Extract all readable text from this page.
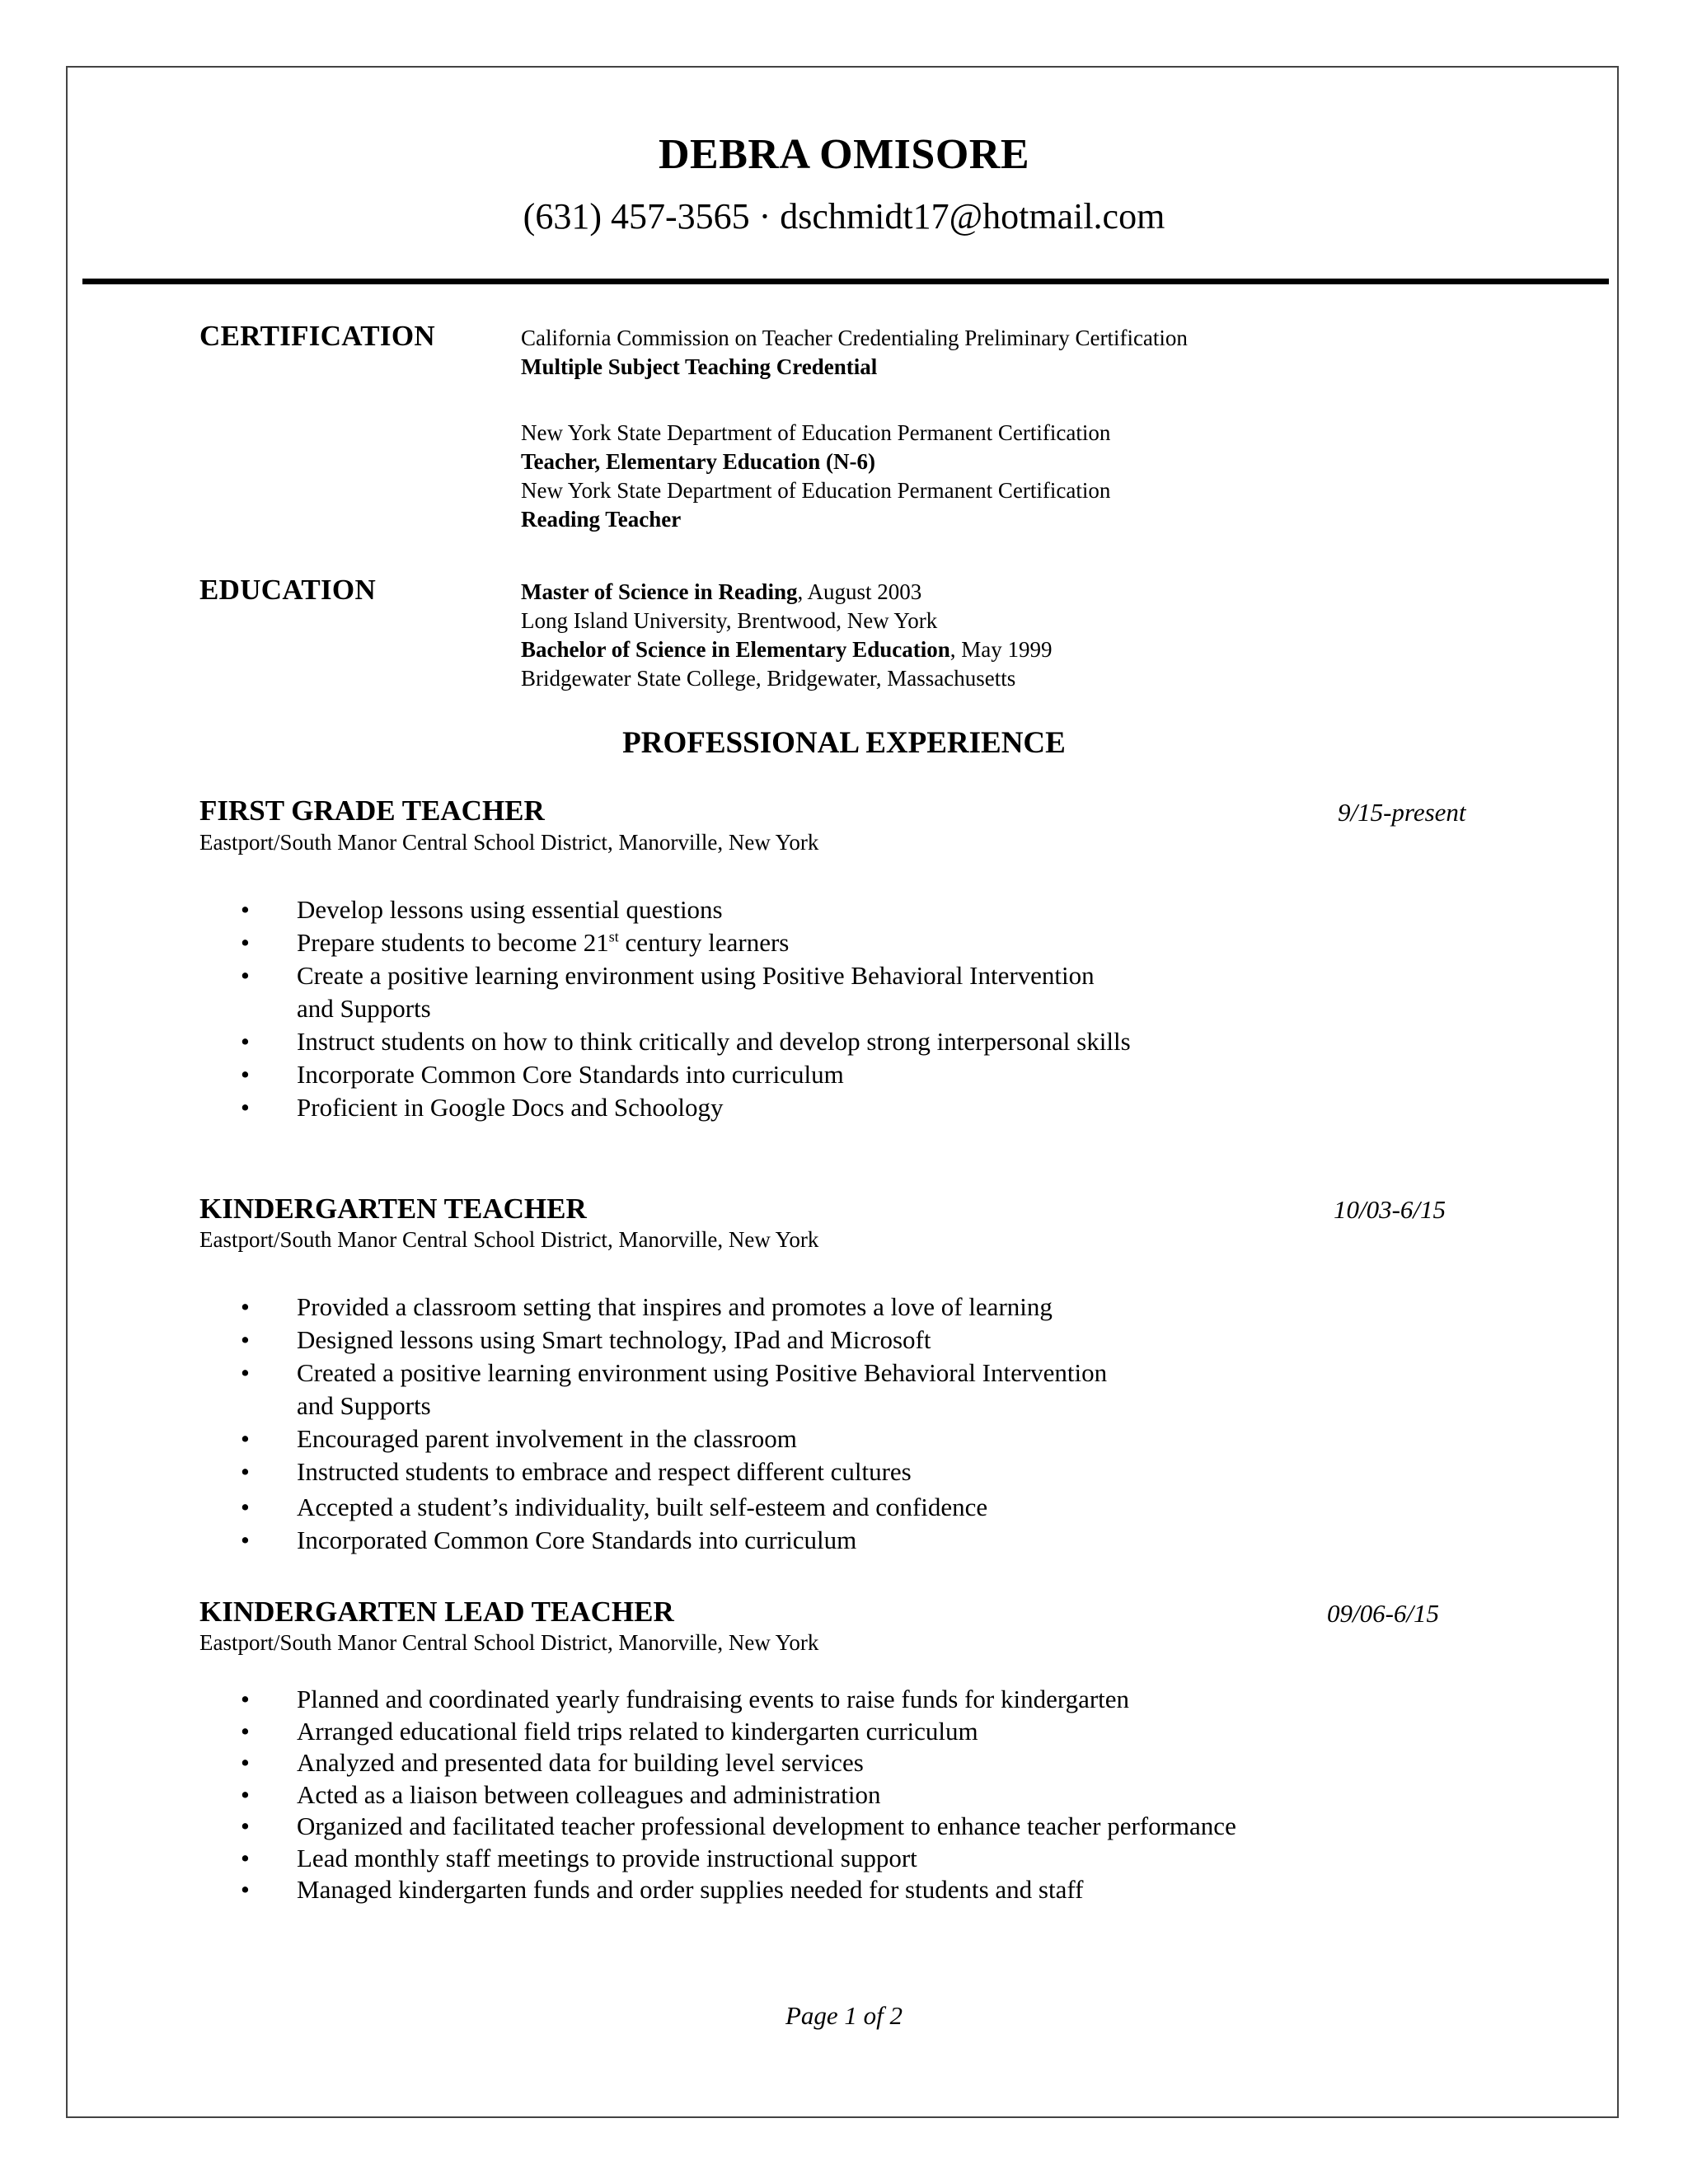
DEBRA OMISORE
(631) 457-3565 · dschmidt17@hotmail.com
CERTIFICATION	California Commission on Teacher Credentialing Preliminary Certification
Multiple Subject Teaching Credential
New York State Department of Education Permanent Certification
Teacher, Elementary Education (N-6)
New York State Department of Education Permanent Certification
Reading Teacher
EDUCATION	Master of Science in Reading, August 2003
Long Island University, Brentwood, New York
Bachelor of Science in Elementary Education, May 1999
Bridgewater State College, Bridgewater, Massachusetts
PROFESSIONAL EXPERIENCE
FIRST GRADE TEACHER	9/15-present
Eastport/South Manor Central School District, Manorville, New York
• Develop lessons using essential questions
• Prepare students to become 21st century learners
• Create a positive learning environment using Positive Behavioral Intervention
and Supports
• Instruct students on how to think critically and develop strong interpersonal skills
• Incorporate Common Core Standards into curriculum
• Proficient in Google Docs and Schoology
KINDERGARTEN TEACHER	10/03-6/15
Eastport/South Manor Central School District, Manorville, New York
• Provided a classroom setting that inspires and promotes a love of learning
• Designed lessons using Smart technology, IPad and Microsoft
• Created a positive learning environment using Positive Behavioral Intervention
and Supports
• Encouraged parent involvement in the classroom
• Instructed students to embrace and respect different cultures
• Accepted a student’s individuality, built self-esteem and confidence
• Incorporated Common Core Standards into curriculum
KINDERGARTEN LEAD TEACHER	09/06-6/15
Eastport/South Manor Central School District, Manorville, New York
• Planned and coordinated yearly fundraising events to raise funds for kindergarten
• Arranged educational field trips related to kindergarten curriculum
• Analyzed and presented data for building level services
• Acted as a liaison between colleagues and administration
• Organized and facilitated teacher professional development to enhance teacher performance
• Lead monthly staff meetings to provide instructional support
• Managed kindergarten funds and order supplies needed for students and staff
Page 1 of 2
